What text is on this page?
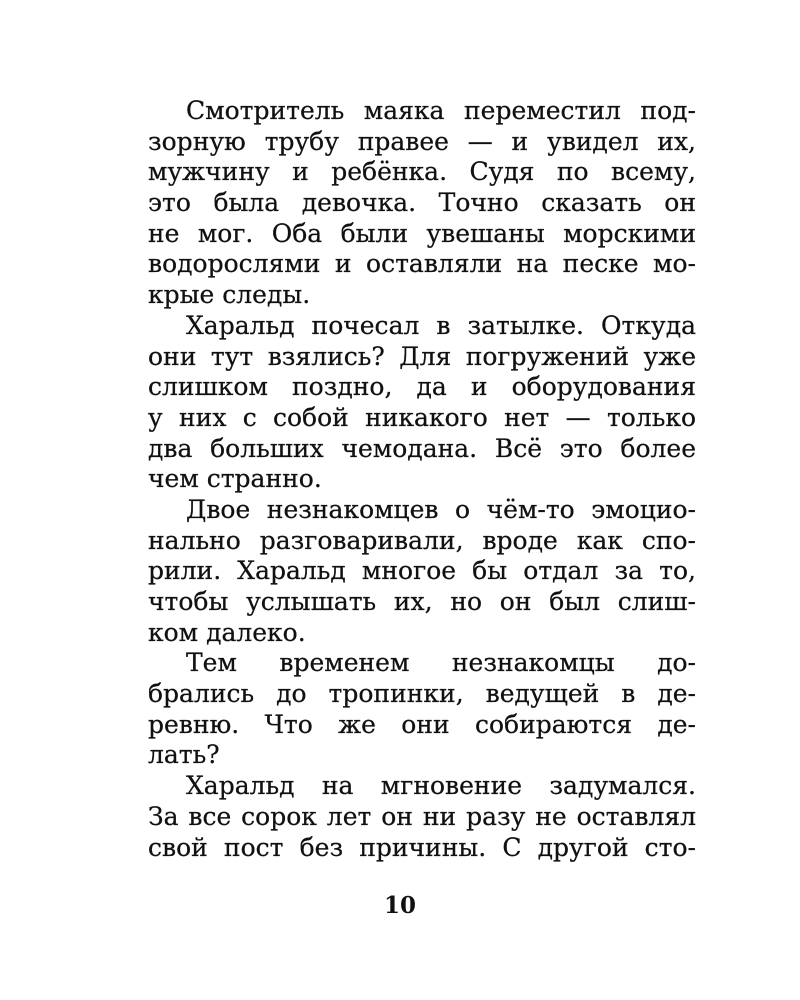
Смотритель маяка переместил под-
зорную трубу правее — и увидел их,
мужчину и ребёнка. Судя по всему,
это была девочка. Точно сказать он
не мог. Оба были увешаны морскими
водорослями и оставляли на песке мо-
крые следы.
Харальд почесал в затылке. Откуда
они тут взялись? Для погружений уже
слишком поздно, да и оборудования
у них с собой никакого нет — только
два больших чемодана. Всё это более
чем странно.
Двое незнакомцев о чём-то эмоцио-
нально разговаривали, вроде как спо-
рили. Харальд многое бы отдал за то,
чтобы услышать их, но он был слиш-
ком далеко.
Тем временем незнакомцы до-
брались до тропинки, ведущей в де-
ревню. Что же они собираются де-
лать?
Харальд на мгновение задумался.
За все сорок лет он ни разу не оставлял
свой пост без причины. С другой сто-
10
